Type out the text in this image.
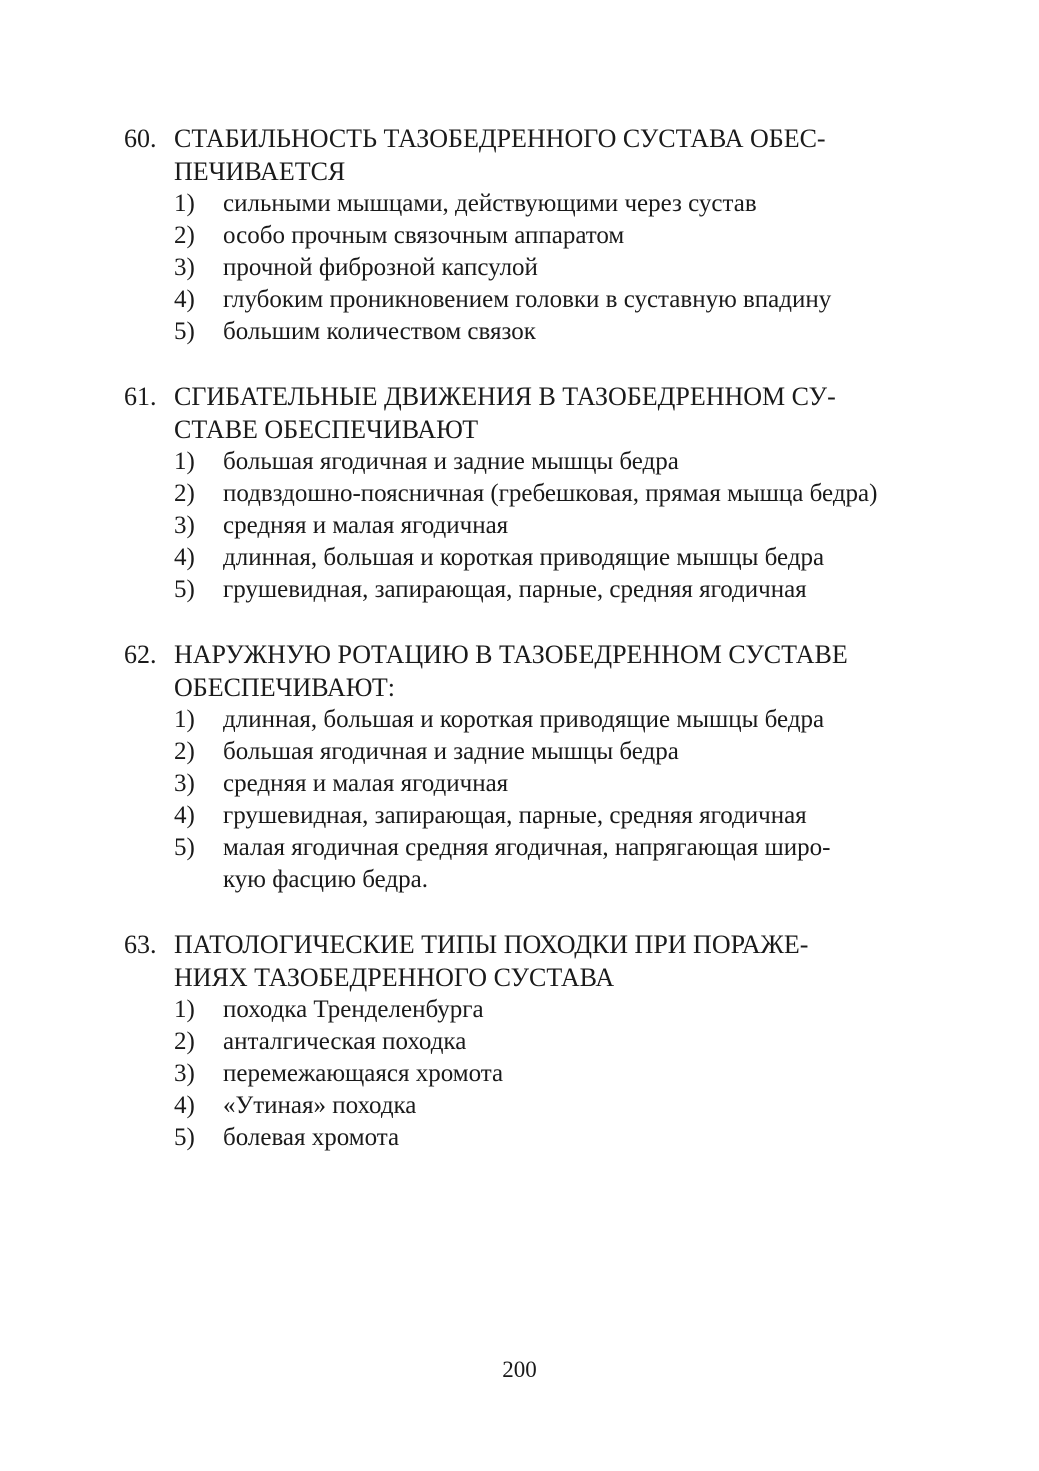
60. СТАБИЛЬНОСТЬ ТАЗОБЕДРЕННОГО СУСТАВА ОБЕС-
ПЕЧИВАЕТСЯ
1)	сильными мышцами, действующими через сустав
2)	особо прочным связочным аппаратом
3)	прочной фиброзной капсулой
4)	глубоким проникновением головки в суставную впадину
5)	большим количеством связок
61. СГИБАТЕЛЬНЫЕ ДВИЖЕНИЯ В ТАЗОБЕДРЕННОМ СУ-
СТАВЕ ОБЕСПЕЧИВАЮТ
1)	большая ягодичная и задние мышцы бедра
2)	подвздошно-поясничная (гребешковая, прямая мышца бедра)
3)	средняя и малая ягодичная
4)	длинная, большая и короткая приводящие мышцы бедра
5)	грушевидная, запирающая, парные, средняя ягодичная
62. НАРУЖНУЮ РОТАЦИЮ В ТАЗОБЕДРЕННОМ СУСТАВЕ
ОБЕСПЕЧИВАЮТ:
1)	длинная, большая и короткая приводящие мышцы бедра
2)	большая ягодичная и задние мышцы бедра
3)	средняя и малая ягодичная
4)	грушевидная, запирающая, парные, средняя ягодичная
5)	малая ягодичная средняя ягодичная, напрягающая широ-
кую фасцию бедра.
63. ПАТОЛОГИЧЕСКИЕ ТИПЫ ПОХОДКИ ПРИ ПОРАЖЕ-
НИЯХ ТАЗОБЕДРЕННОГО СУСТАВА
1)	походка Тренделенбурга
2)	анталгическая походка
3)	перемежающаяся хромота
4)	«Утиная» походка
5)	болевая хромота
200
